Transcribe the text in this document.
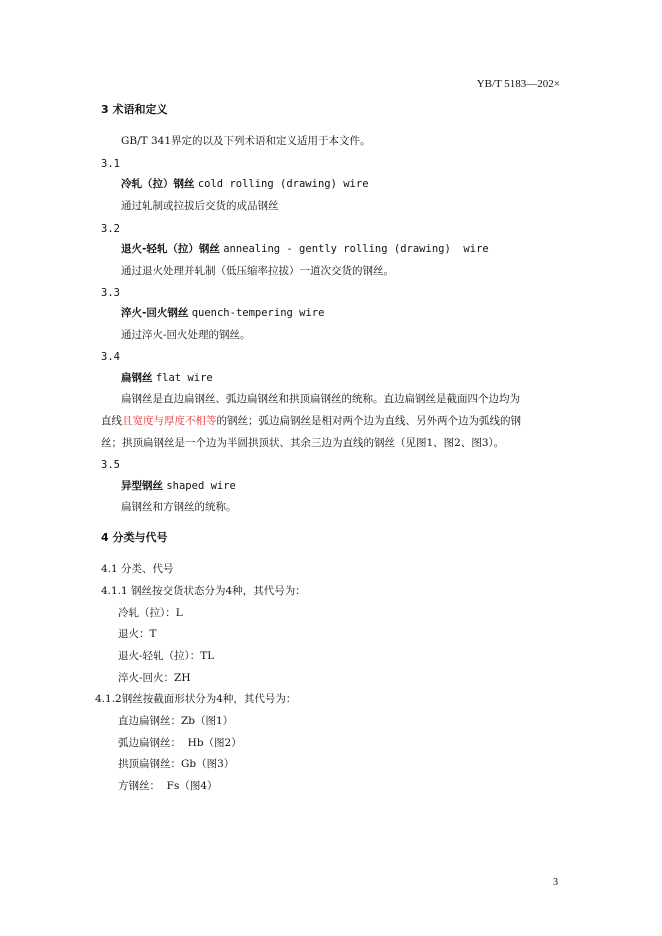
YB/T 5183—202×
3 术语和定义
GB/T 341界定的以及下列术语和定义适用于本文件。
3.1
冷轧（拉）钢丝 cold rolling (drawing) wire
通过轧制或拉拔后交货的成品钢丝
3.2
退火-轻轧（拉）钢丝 annealing - gently rolling (drawing)  wire
通过退火处理并轧制（低压缩率拉拔）一道次交货的钢丝。
3.3
淬火-回火钢丝 quench-tempering wire
通过淬火-回火处理的钢丝。
3.4
扁钢丝 flat wire
扁钢丝是直边扁钢丝、弧边扁钢丝和拱顶扁钢丝的统称。直边扁钢丝是截面四个边均为
直线且宽度与厚度不相等的钢丝；弧边扁钢丝是相对两个边为直线、另外两个边为弧线的钢
丝；拱顶扁钢丝是一个边为半圆拱顶状、其余三边为直线的钢丝（见图1、图2、图3）。
3.5
异型钢丝 shaped wire
扁钢丝和方钢丝的统称。
4 分类与代号
4.1 分类、代号
4.1.1 钢丝按交货状态分为4种，其代号为：
冷轧（拉）：L
退火：T
退火-轻轧（拉）：TL
淬火-回火：ZH
4.1.2钢丝按截面形状分为4种，其代号为：
直边扁钢丝：Zb（图1）
弧边扁钢丝：  Hb（图2）
拱顶扁钢丝：Gb（图3）
方钢丝：  Fs（图4）
3
